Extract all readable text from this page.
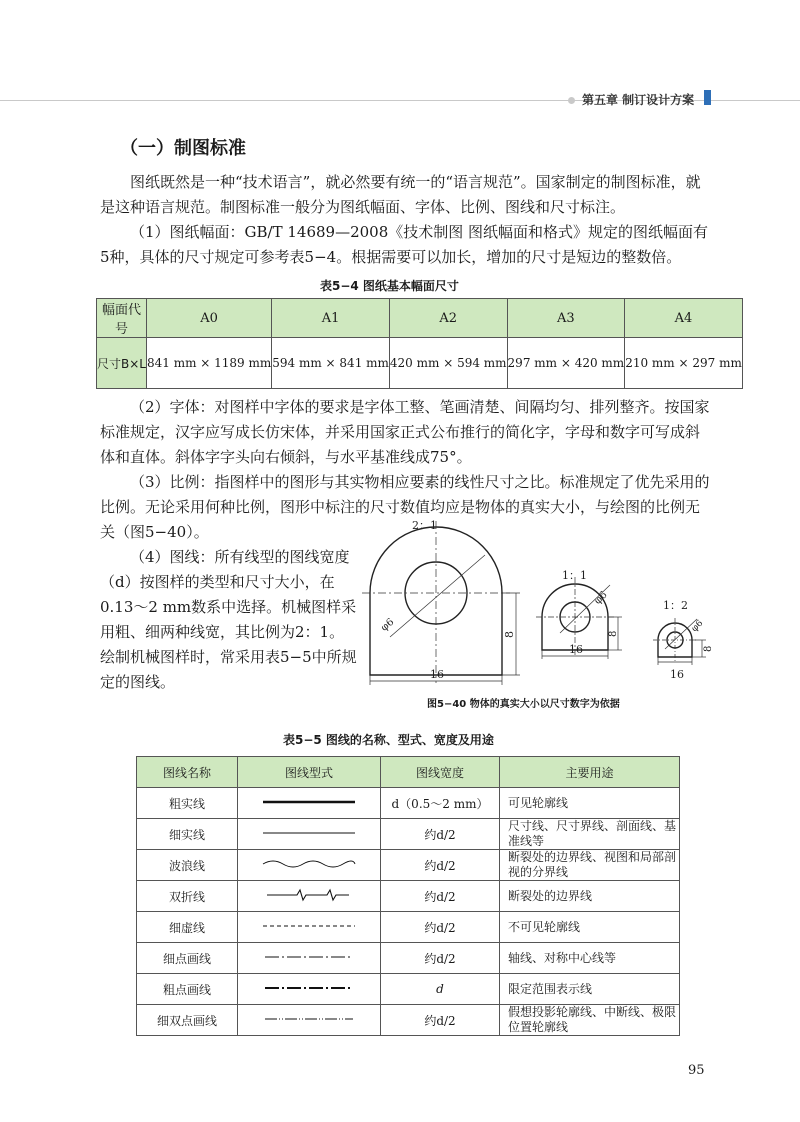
第五章 制订设计方案
（一）制图标准
图纸既然是一种“技术语言”，就必然要有统一的“语言规范”。国家制定的制图标准，就是这种语言规范。制图标准一般分为图纸幅面、字体、比例、图线和尺寸标注。
（1）图纸幅面：GB/T 14689—2008《技术制图 图纸幅面和格式》规定的图纸幅面有5种，具体的尺寸规定可参考表5−4。根据需要可以加长，增加的尺寸是短边的整数倍。
表5−4 图纸基本幅面尺寸
幅面代号	A0	A1	A2	A3	A4
尺寸B×L	841 mm × 1189 mm	594 mm × 841 mm	420 mm × 594 mm	297 mm × 420 mm	210 mm × 297 mm
（2）字体：对图样中字体的要求是字体工整、笔画清楚、间隔均匀、排列整齐。按国家标准规定，汉字应写成长仿宋体，并采用国家正式公布推行的简化字，字母和数字可写成斜体和直体。斜体字字头向右倾斜，与水平基准线成75°。
（3）比例：指图样中的图形与其实物相应要素的线性尺寸之比。标准规定了优先采用的比例。无论采用何种比例，图形中标注的尺寸数值均应是物体的真实大小，与绘图的比例无关（图5−40）。
（4）图线：所有线型的图线宽度（d）按图样的类型和尺寸大小，在0.13～2 mm数系中选择。机械图样采用粗、细两种线宽，其比例为2：1。绘制机械图样时，常采用表5−5中所规定的图线。
2：1
1：1
1：2
16
16
16
8	8
8
φ6
φ6
φ6
图5−40 物体的真实大小以尺寸数字为依据
表5−5 图线的名称、型式、宽度及用途
图线名称	图线型式	图线宽度	主要用途
粗实线		d（0.5～2 mm）	可见轮廓线
细实线		约d/2	尺寸线、尺寸界线、剖面线、基准线等
波浪线		约d/2	断裂处的边界线、视图和局部剖视的分界线
双折线		约d/2	断裂处的边界线
细虚线		约d/2	不可见轮廓线
细点画线		约d/2	轴线、对称中心线等
粗点画线		d	限定范围表示线
细双点画线		约d/2	假想投影轮廓线、中断线、极限位置轮廓线
95
